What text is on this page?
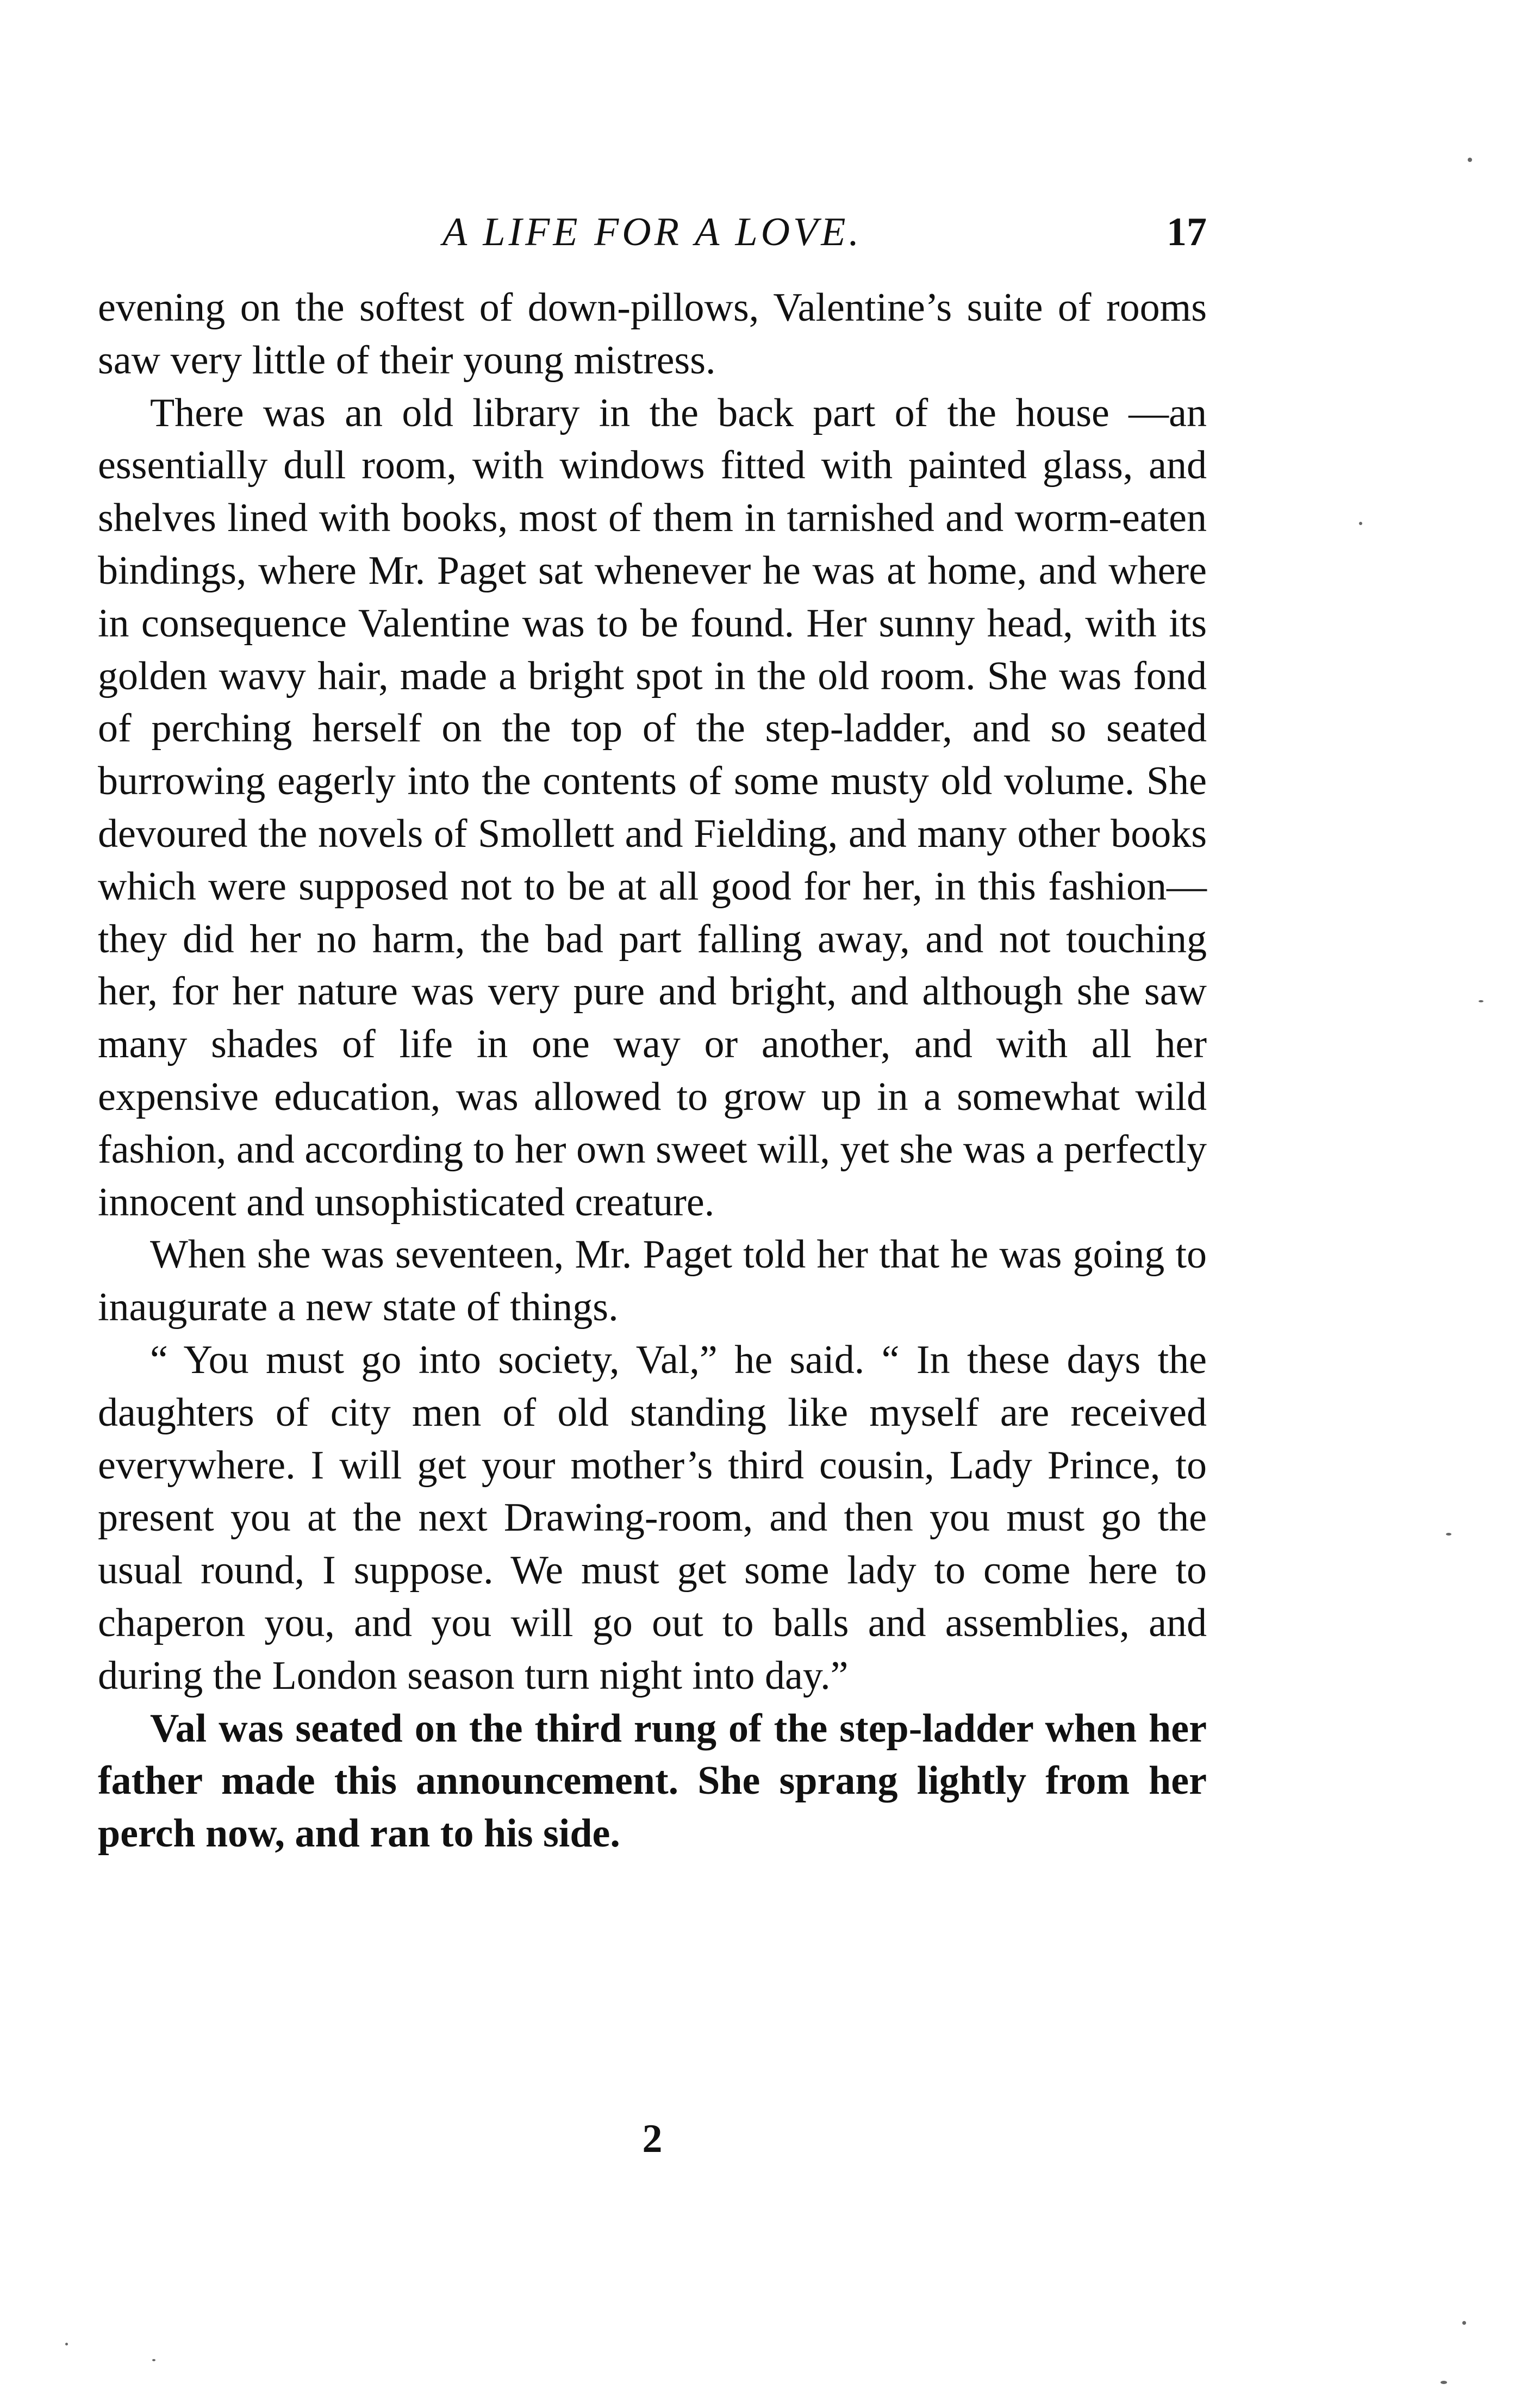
A LIFE FOR A LOVE.	17

evening on the softest of down-pillows, Valentine’s suite of rooms saw very little of their young mistress.

There was an old library in the back part of the house —an essentially dull room, with windows fitted with painted glass, and shelves lined with books, most of them in tarnished and worm-eaten bindings, where Mr. Paget sat whenever he was at home, and where in consequence Valentine was to be found. Her sunny head, with its golden wavy hair, made a bright spot in the old room. She was fond of perching herself on the top of the step-ladder, and so seated burrowing eagerly into the contents of some musty old volume. She devoured the novels of Smollett and Fielding, and many other books which were supposed not to be at all good for her, in this fashion— they did her no harm, the bad part falling away, and not touching her, for her nature was very pure and bright, and although she saw many shades of life in one way or another, and with all her expensive education, was allowed to grow up in a somewhat wild fashion, and according to her own sweet will, yet she was a perfectly innocent and unsophisticated creature.

When she was seventeen, Mr. Paget told her that he was going to inaugurate a new state of things.

“ You must go into society, Val,” he said. “ In these days the daughters of city men of old standing like myself are received everywhere. I will get your mother’s third cousin, Lady Prince, to present you at the next Drawing-room, and then you must go the usual round, I suppose. We must get some lady to come here to chaperon you, and you will go out to balls and assemblies, and during the London season turn night into day.”

Val was seated on the third rung of the step-ladder when her father made this announcement. She sprang lightly from her perch now, and ran to his side.

2
